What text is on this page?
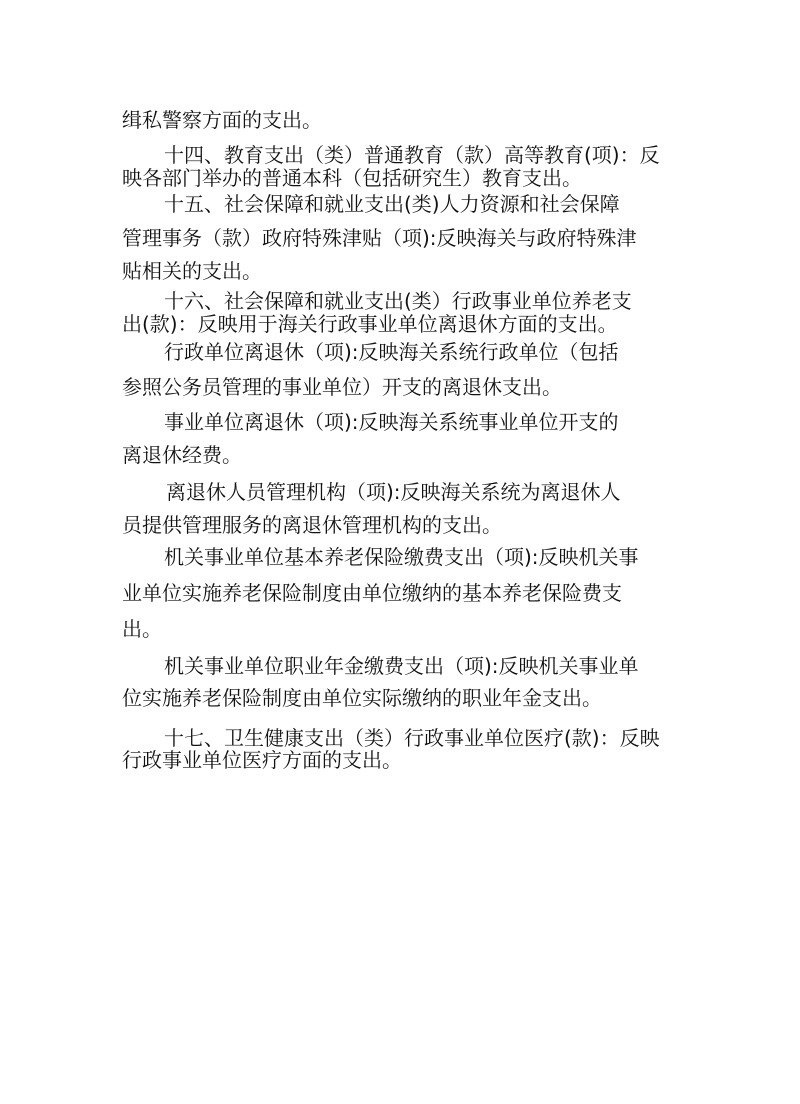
缉私警察方面的支出。
十四、教育支出（类）普通教育（款）高等教育(项)：反
映各部门举办的普通本科（包括研究生）教育支出。
十五、社会保障和就业支出(类)人力资源和社会保障
管理事务（款）政府特殊津贴（项):反映海关与政府特殊津
贴相关的支出。
十六、社会保障和就业支出(类）行政事业单位养老支
出(款)：反映用于海关行政事业单位离退休方面的支出。
行政单位离退休（项):反映海关系统行政单位（包括
参照公务员管理的事业单位）开支的离退休支出。
事业单位离退休（项):反映海关系统事业单位开支的
离退休经费。
离退休人员管理机构（项):反映海关系统为离退休人
员提供管理服务的离退休管理机构的支出。
机关事业单位基本养老保险缴费支出（项):反映机关事
业单位实施养老保险制度由单位缴纳的基本养老保险费支
出。
机关事业单位职业年金缴费支出（项):反映机关事业单
位实施养老保险制度由单位实际缴纳的职业年金支出。
十七、卫生健康支出（类）行政事业单位医疗(款)：反映
行政事业单位医疗方面的支出。
